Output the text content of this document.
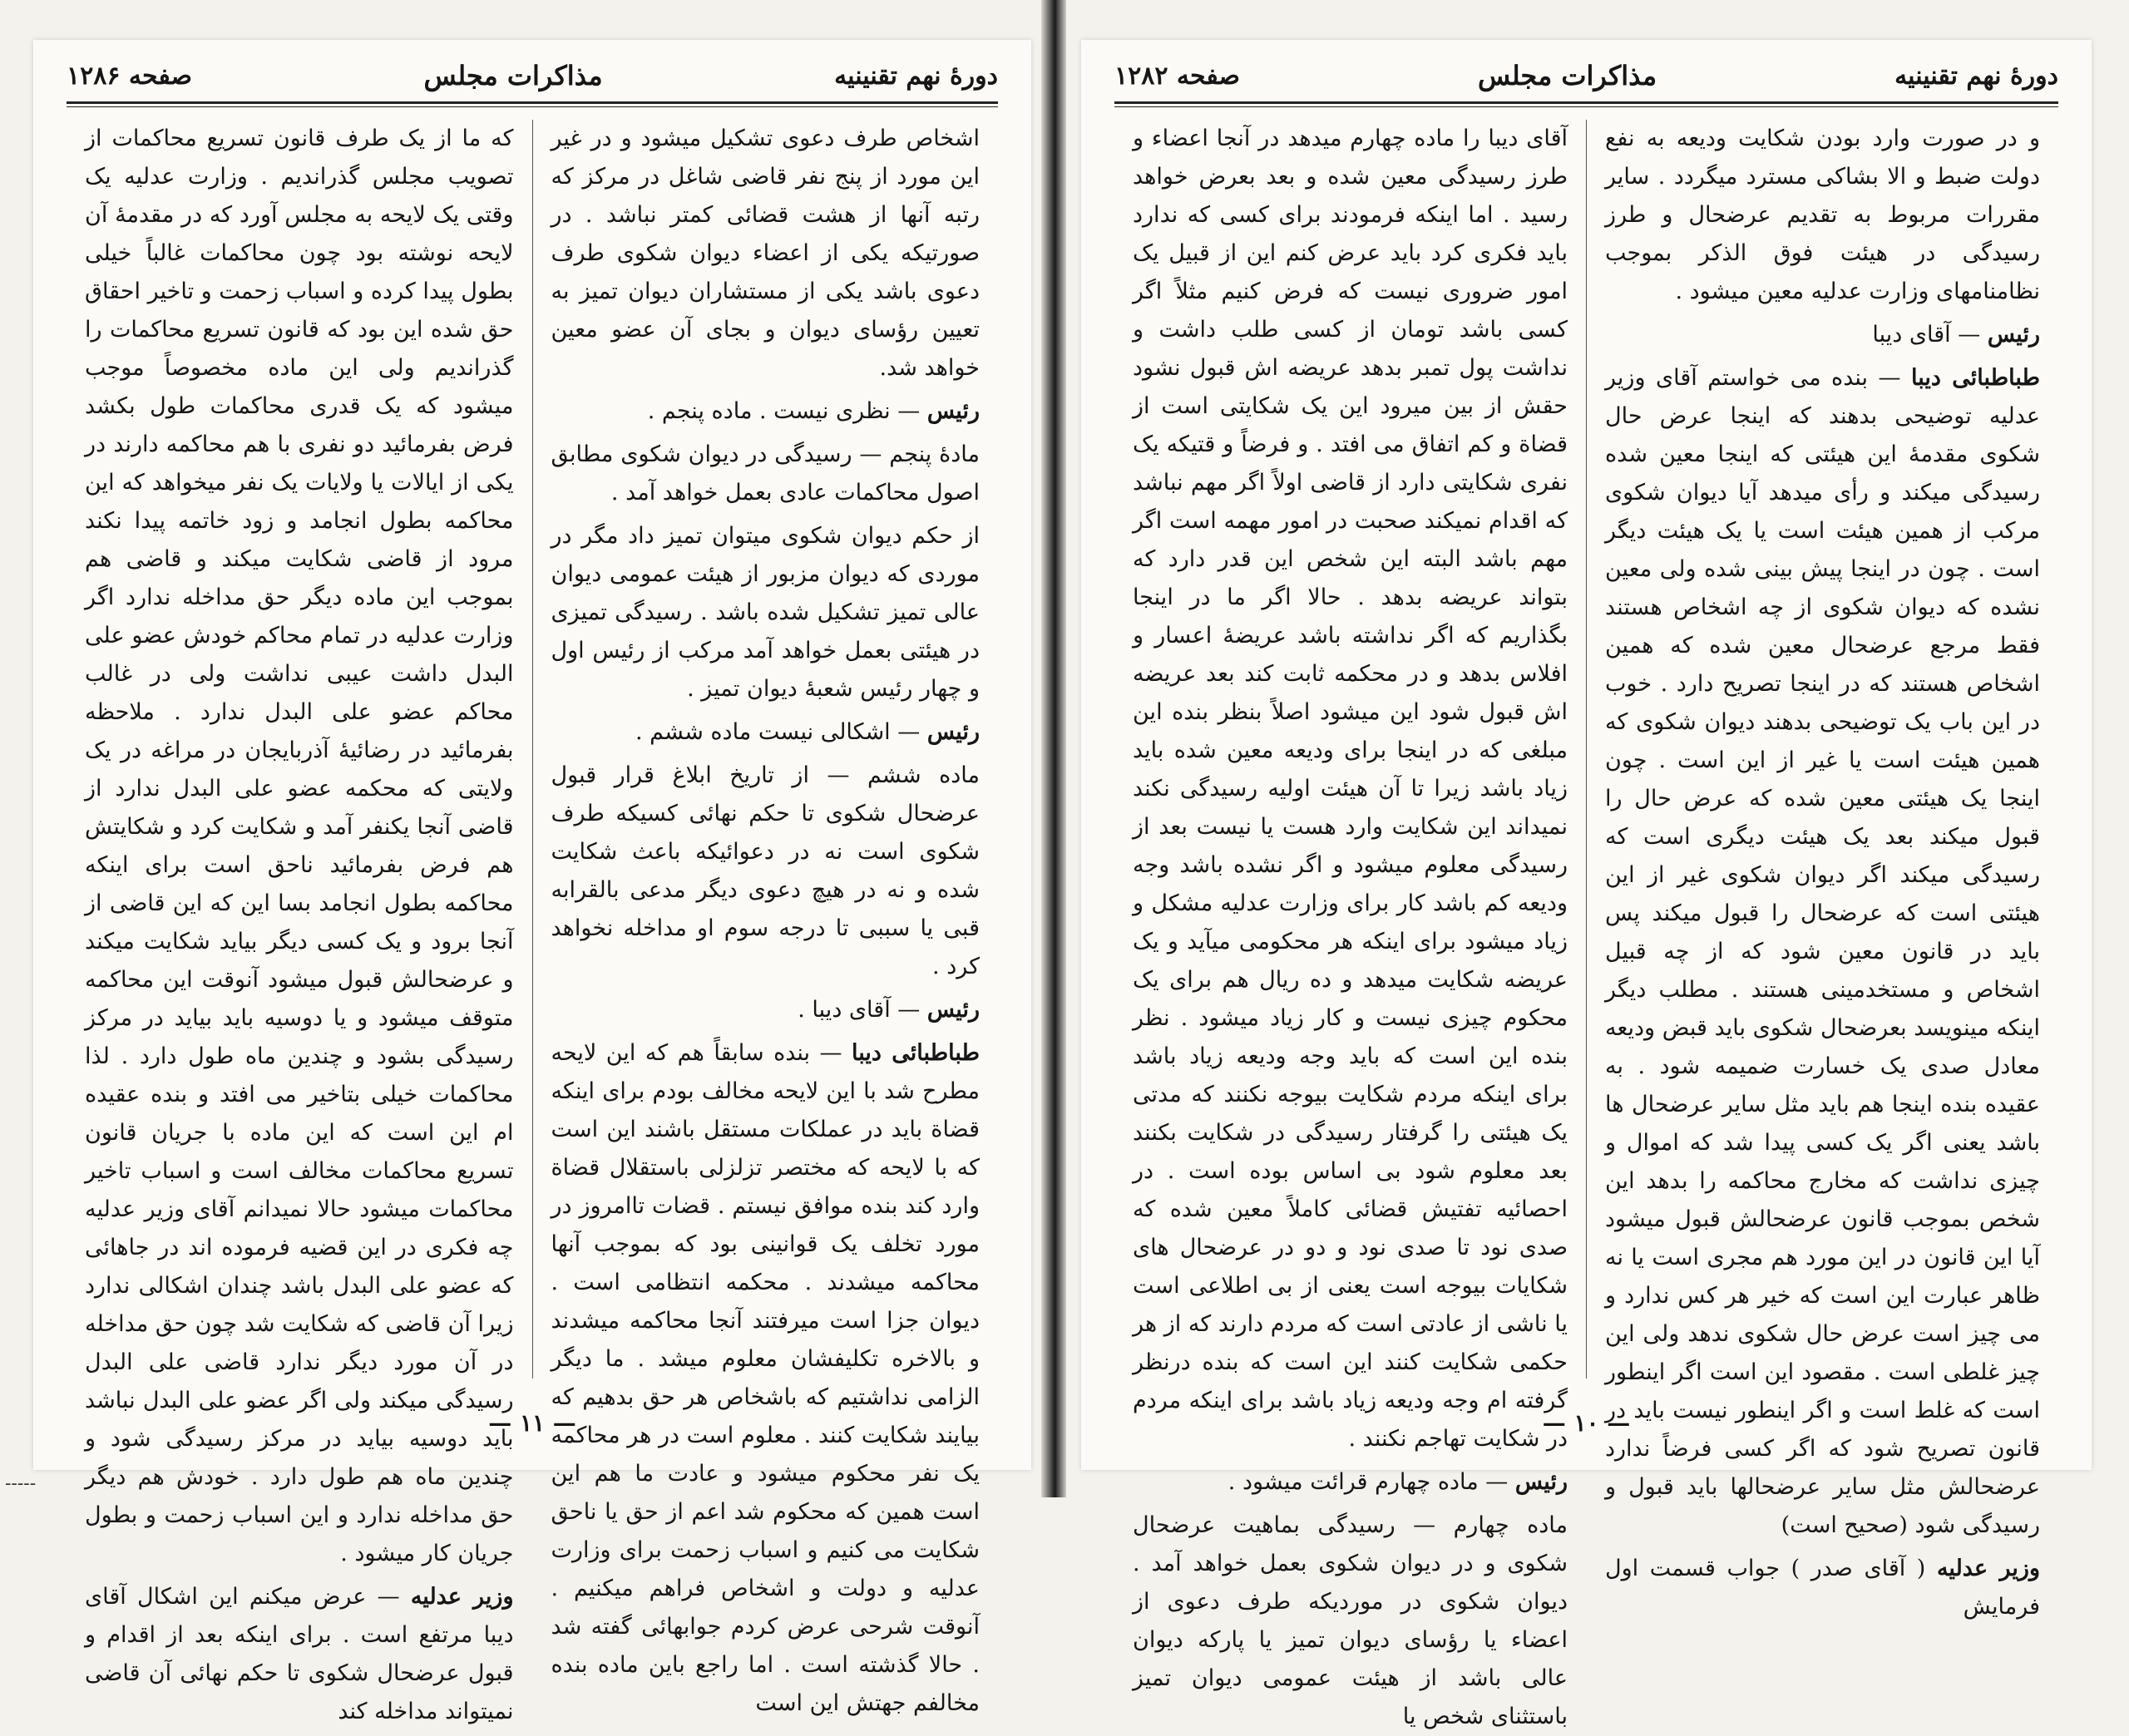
دورهٔ نهم تقنینیه
مذاکرات مجلس
صفحه ۱۲۸۶

اشخاص طرف دعوی تشکیل میشود و در غیر این مورد از پنج نفر قاضی شاغل در مرکز که رتبه آنها از هشت قضائی کمتر نباشد . در صورتیکه یکی از اعضاء دیوان شکوی طرف دعوی باشد یکی از مستشاران دیوان تمیز به تعیین رؤسای دیوان و بجای آن عضو معین خواهد شد.

رئیس — نظری نیست . ماده پنجم .

مادهٔ پنجم — رسیدگی در دیوان شکوی مطابق اصول محاکمات عادی بعمل خواهد آمد .

از حکم دیوان شکوی میتوان تمیز داد مگر در موردی که دیوان مزبور از هیئت عمومی دیوان عالی تمیز تشکیل شده باشد . رسیدگی تمیزی در هیئتی بعمل خواهد آمد مرکب از رئیس اول و چهار رئیس شعبهٔ دیوان تمیز .

رئیس — اشکالی نیست ماده ششم .

ماده ششم — از تاریخ ابلاغ قرار قبول عرضحال شکوی تا حکم نهائی کسیکه طرف شکوی است نه در دعوائیکه باعث شکایت شده و نه در هیچ دعوی دیگر مدعی بالقرابه قبی یا سببی تا درجه سوم او مداخله نخواهد کرد .

رئیس — آقای دیبا .

طباطبائی دیبا — بنده سابقاً هم که این لایحه مطرح شد با این لایحه مخالف بودم برای اینکه قضاة باید در عملکات مستقل باشند این است که با لایحه که مختصر تزلزلی باستقلال قضاة وارد کند بنده موافق نیستم . قضات تاامروز در مورد تخلف یک قوانینی بود که بموجب آنها محاکمه میشدند . محکمه انتظامی است . دیوان جزا است میرفتند آنجا محاکمه میشدند و بالاخره تکلیفشان معلوم میشد . ما دیگر الزامی نداشتیم که باشخاص هر حق بدهیم که بیایند شکایت کنند . معلوم است در هر محاکمه یک نفر محکوم میشود و عادت ما هم این است همین که محکوم شد اعم از حق یا ناحق شکایت می کنیم و اسباب زحمت برای وزارت عدلیه و دولت و اشخاص فراهم میکنیم . آنوقت شرحی عرض کردم جوابهائی گفته شد . حالا گذشته است . اما راجع باین ماده بنده مخالفم جهتش این است

که ما از یک طرف قانون تسریع محاکمات از تصویب مجلس گذراندیم . وزارت عدلیه یک وقتی یک لایحه به مجلس آورد که در مقدمهٔ آن لایحه نوشته بود چون محاکمات غالباً خیلی بطول پیدا کرده و اسباب زحمت و تاخیر احقاق حق شده این بود که قانون تسریع محاکمات را گذراندیم ولی این ماده مخصوصاً موجب میشود که یک قدری محاکمات طول بکشد فرض بفرمائید دو نفری با هم محاکمه دارند در یکی از ایالات یا ولایات یک نفر میخواهد که این محاکمه بطول انجامد و زود خاتمه پیدا نکند مرود از قاضی شکایت میکند و قاضی هم بموجب این ماده دیگر حق مداخله ندارد اگر وزارت عدلیه در تمام محاکم خودش عضو علی البدل داشت عیبی نداشت ولی در غالب محاکم عضو علی البدل ندارد . ملاحظه بفرمائید در رضائیهٔ آذربایجان در مراغه در یک ولایتی که محکمه عضو علی البدل ندارد از قاضی آنجا یکنفر آمد و شکایت کرد و شکایتش هم فرض بفرمائید ناحق است برای اینکه محاکمه بطول انجامد بسا این که این قاضی از آنجا برود و یک کسی دیگر بیاید شکایت میکند و عرضحالش قبول میشود آنوقت این محاکمه متوقف میشود و یا دوسیه باید بیاید در مرکز رسیدگی بشود و چندین ماه طول دارد . لذا محاکمات خیلی بتاخیر می افتد و بنده عقیده ام این است که این ماده با جریان قانون تسریع محاکمات مخالف است و اسباب تاخیر محاکمات میشود حالا نمیدانم آقای وزیر عدلیه چه فکری در این قضیه فرموده اند در جاهائی که عضو علی البدل باشد چندان اشکالی ندارد زیرا آن قاضی که شکایت شد چون حق مداخله در آن مورد دیگر ندارد قاضی علی البدل رسیدگی میکند ولی اگر عضو علی البدل نباشد باید دوسیه بیاید در مرکز رسیدگی شود و چندین ماه هم طول دارد . خودش هم دیگر حق مداخله ندارد و این اسباب زحمت و بطول جریان کار میشود .

وزیر عدلیه — عرض میکنم این اشکال آقای دیبا مرتفع است . برای اینکه بعد از اقدام و قبول عرضحال شکوی تا حکم نهائی آن قاضی نمیتواند مداخله کند

— ۱۱ —
دورهٔ نهم تقنینیه
مذاکرات مجلس
صفحه ۱۲۸۲

و در صورت وارد بودن شکایت ودیعه به نفع دولت ضبط و الا بشاکی مسترد میگردد . سایر مقررات مربوط به تقدیم عرضحال و طرز رسیدگی در هیئت فوق الذکر بموجب نظامنامهای وزارت عدلیه معین میشود .

رئیس — آقای دیبا

طباطبائی دیبا — بنده می خواستم آقای وزیر عدلیه توضیحی بدهند که اینجا عرض حال شکوی مقدمهٔ این هیئتی که اینجا معین شده رسیدگی میکند و رأی میدهد آیا دیوان شکوی مرکب از همین هیئت است یا یک هیئت دیگر است . چون در اینجا پیش بینی شده ولی معین نشده که دیوان شکوی از چه اشخاص هستند فقط مرجع عرضحال معین شده که همین اشخاص هستند که در اینجا تصریح دارد . خوب در این باب یک توضیحی بدهند دیوان شکوی که همین هیئت است یا غیر از این است . چون اینجا یک هیئتی معین شده که عرض حال را قبول میکند بعد یک هیئت دیگری است که رسیدگی میکند اگر دیوان شکوی غیر از این هیئتی است که عرضحال را قبول میکند پس باید در قانون معین شود که از چه قبیل اشخاص و مستخدمینی هستند . مطلب دیگر اینکه مینویسد بعرضحال شکوی باید قبض ودیعه معادل صدی یک خسارت ضمیمه شود . به عقیده بنده اینجا هم باید مثل سایر عرضحال ها باشد یعنی اگر یک کسی پیدا شد که اموال و چیزی نداشت که مخارج محاکمه را بدهد این شخص بموجب قانون عرضحالش قبول میشود آیا این قانون در این مورد هم مجری است یا نه ظاهر عبارت این است که خیر هر کس ندارد و می چیز است عرض حال شکوی ندهد ولی این چیز غلطی است . مقصود این است اگر اینطور است که غلط است و اگر اینطور نیست باید در قانون تصریح شود که اگر کسی فرضاً ندارد عرضحالش مثل سایر عرضحالها باید قبول و رسیدگی شود (صحیح است)

وزیر عدلیه ( آقای صدر ) جواب قسمت اول فرمایش

آقای دیبا را ماده چهارم میدهد در آنجا اعضاء و طرز رسیدگی معین شده و بعد بعرض خواهد رسید . اما اینکه فرمودند برای کسی که ندارد باید فکری کرد باید عرض کنم این از قبیل یک امور ضروری نیست که فرض کنیم مثلاً اگر کسی باشد تومان از کسی طلب داشت و نداشت پول تمبر بدهد عریضه اش قبول نشود حقش از بین میرود این یک شکایتی است از قضاة و کم اتفاق می افتد . و فرضاً و قتیکه یک نفری شکایتی دارد از قاضی اولاً اگر مهم نباشد که اقدام نمیکند صحبت در امور مهمه است اگر مهم باشد البته این شخص این قدر دارد که بتواند عریضه بدهد . حالا اگر ما در اینجا بگذاریم که اگر نداشته باشد عریضهٔ اعسار و افلاس بدهد و در محکمه ثابت کند بعد عریضه اش قبول شود این میشود اصلاً بنظر بنده این مبلغی که در اینجا برای ودیعه معین شده باید زیاد باشد زیرا تا آن هیئت اولیه رسیدگی نکند نمیداند این شکایت وارد هست یا نیست بعد از رسیدگی معلوم میشود و اگر نشده باشد وجه ودیعه کم باشد کار برای وزارت عدلیه مشکل و زیاد میشود برای اینکه هر محکومی میآید و یک عریضه شکایت میدهد و ده ریال هم برای یک محکوم چیزی نیست و کار زیاد میشود . نظر بنده این است که باید وجه ودیعه زیاد باشد برای اینکه مردم شکایت بیوجه نکنند که مدتی یک هیئتی را گرفتار رسیدگی در شکایت بکنند بعد معلوم شود بی اساس بوده است . در احصائیه تفتیش قضائی کاملاً معین شده که صدی نود تا صدی نود و دو در عرضحال های شکایات بیوجه است یعنی از بی اطلاعی است یا ناشی از عادتی است که مردم دارند که از هر حکمی شکایت کنند این است که بنده درنظر گرفته ام وجه ودیعه زیاد باشد برای اینکه مردم در شکایت تهاجم نکنند .

رئیس — ماده چهارم قرائت میشود .

ماده چهارم — رسیدگی بماهیت عرضحال شکوی و در دیوان شکوی بعمل خواهد آمد . دیوان شکوی در موردیکه طرف دعوی از اعضاء یا رؤسای دیوان تمیز یا پارکه دیوان عالی باشد از هیئت عمومی دیوان تمیز باستثنای شخص یا

— ۱۰ —
-----
